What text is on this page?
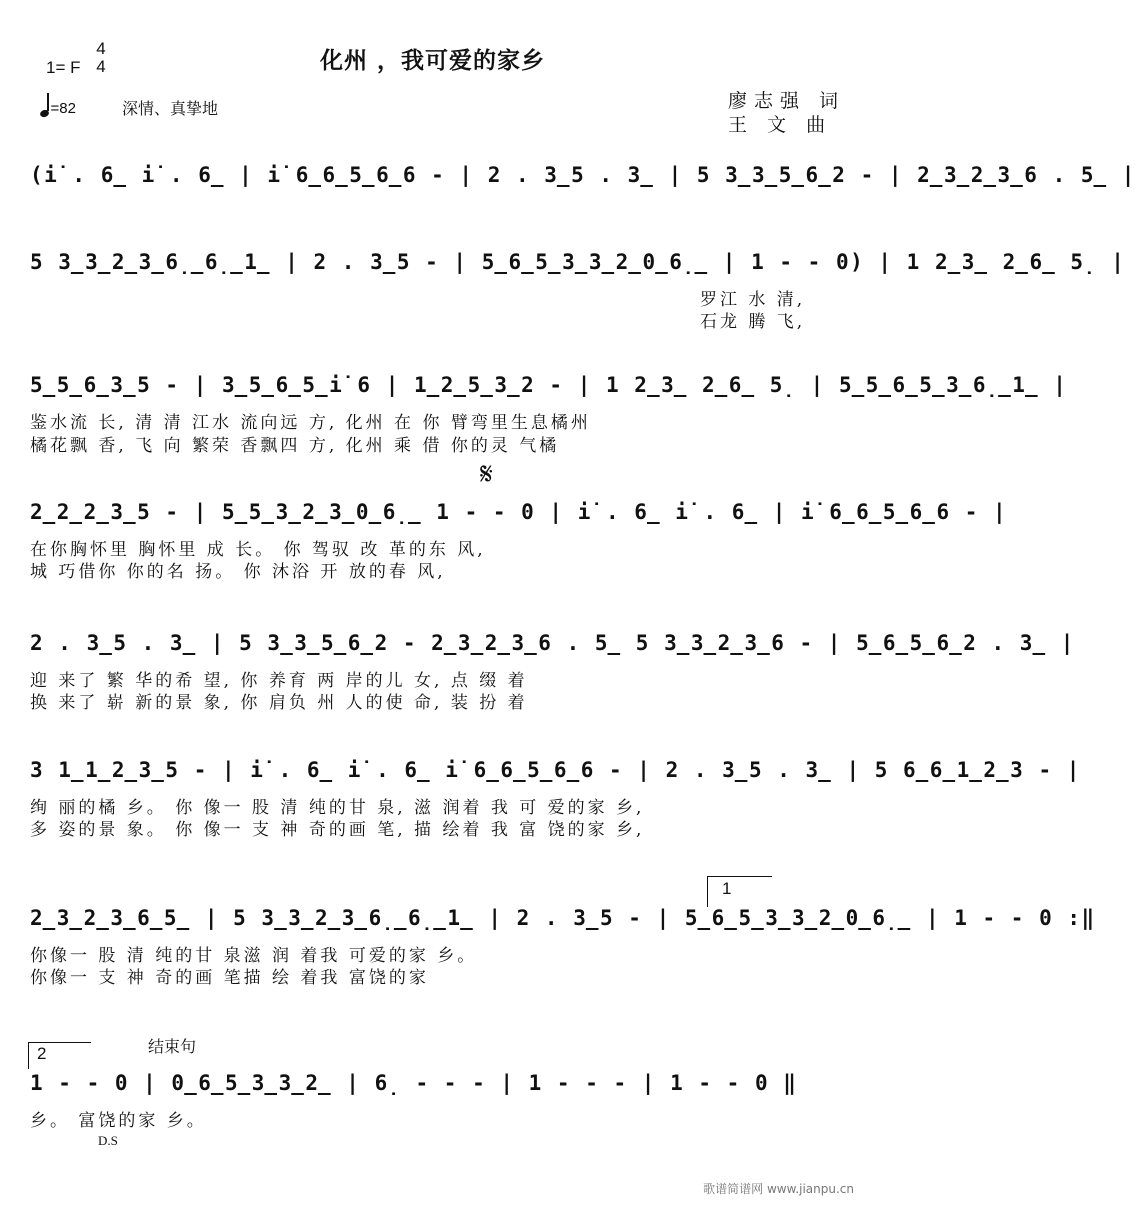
1= F
4
4
=82	深情、真挚地
化州 ，我可爱的家乡
廖志强 词
王 文 曲
(i̇ . 6̲ i̇ . 6̲ | i̇ 6̲6̲5̲6̲6 - | 2 . 3̲5 . 3̲ | 5 3̲3̲5̲6̲2 - | 2̲3̲2̲3̲6 . 5̲ |
5 3̲3̲2̲3̲6̣̲6̣̲1̲ | 2 . 3̲5 - | 5̲6̲5̲3̲3̲2̲0̲6̣̲ | 1 - - 0) | 1 2̲3̲ 2̲6̲ 5̣ |
罗江 水 清,
石龙 腾 飞,
5̲5̲6̲3̲5 - | 3̲5̲6̲5̲i̇ 6 | 1̲2̲5̲3̲2 - | 1 2̲3̲ 2̲6̲ 5̣ | 5̲5̲6̲5̲3̲6̣̲1̲ |
鉴水流 长, 清 清 江水 流向远 方, 化州 在 你 臂弯里生息橘州
橘花飘 香, 飞 向 繁荣 香飘四 方, 化州 乘 借 你的灵 气橘
𝄋
2̲2̲2̲3̲5 - | 5̲5̲3̲2̲3̲0̲6̣̲ 1 - - 0 | i̇ . 6̲ i̇ . 6̲ | i̇ 6̲6̲5̲6̲6 - |
在你胸怀里 胸怀里 成 长。 你 驾驭 改 革的东 风,
城 巧借你 你的名 扬。 你 沐浴 开 放的春 风,
2 . 3̲5 . 3̲ | 5 3̲3̲5̲6̲2 - 2̲3̲2̲3̲6 . 5̲ 5 3̲3̲2̲3̲6 - | 5̲6̲5̲6̲2 . 3̲ |
迎 来了 繁 华的希 望, 你 养育 两 岸的儿 女, 点 缀 着
换 来了 崭 新的景 象, 你 肩负 州 人的使 命, 装 扮 着
3 1̲1̲2̲3̲5 - | i̇ . 6̲ i̇ . 6̲ i̇ 6̲6̲5̲6̲6 - | 2 . 3̲5 . 3̲ | 5 6̲6̲1̲2̲3 - |
绚 丽的橘 乡。 你 像一 股 清 纯的甘 泉, 滋 润着 我 可 爱的家 乡,
多 姿的景 象。 你 像一 支 神 奇的画 笔, 描 绘着 我 富 饶的家 乡,
1
2̲3̲2̲3̲6̲5̲ | 5 3̲3̲2̲3̲6̣̲6̣̲1̲ | 2 . 3̲5 - | 5̲6̲5̲3̲3̲2̲0̲6̣̲ | 1 - - 0 :‖
你像一 股 清 纯的甘 泉滋 润 着我 可爱的家 乡。
你像一 支 神 奇的画 笔描 绘 着我 富饶的家
2	结束句
1 - - 0 | 0̲6̲5̲3̲3̲2̲ | 6̣ - - - | 1 - - - | 1 - - 0 ‖
乡。 富饶的家 乡。
D.S
歌谱简谱网 www.jianpu.cn
